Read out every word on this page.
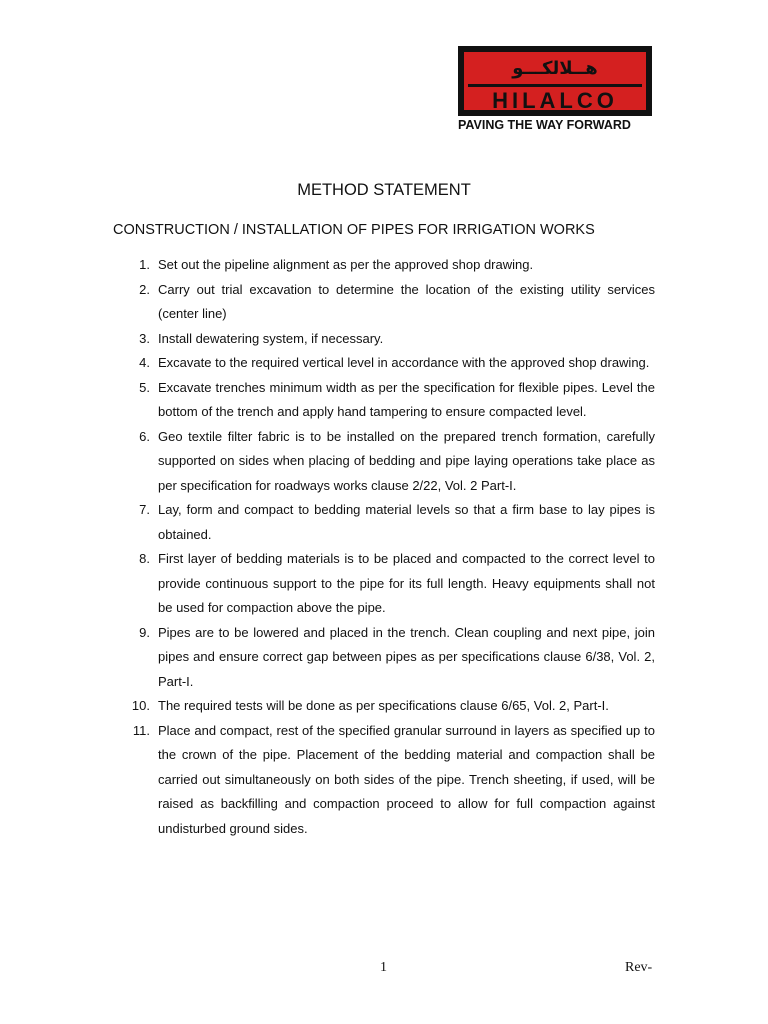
هــلالكـــو
HILALCO
PAVING THE WAY FORWARD
METHOD STATEMENT
CONSTRUCTION / INSTALLATION OF PIPES FOR IRRIGATION WORKS
1. Set out the pipeline alignment as per the approved shop drawing.
2. Carry out trial excavation to determine the location of the existing utility services (center line)
3. Install dewatering system, if necessary.
4. Excavate to the required vertical level in accordance with the approved shop drawing.
5. Excavate trenches minimum width as per the specification for flexible pipes. Level the bottom of the trench and apply hand tampering to ensure compacted level.
6. Geo textile filter fabric is to be installed on the prepared trench formation, carefully supported on sides when placing of bedding and pipe laying operations take place as per specification for roadways works clause 2/22, Vol. 2 Part-I.
7. Lay, form and compact to bedding material levels so that a firm base to lay pipes is obtained.
8. First layer of bedding materials is to be placed and compacted to the correct level to provide continuous support to the pipe for its full length. Heavy equipments shall not be used for compaction above the pipe.
9. Pipes are to be lowered and placed in the trench. Clean coupling and next pipe, join pipes and ensure correct gap between pipes as per specifications clause 6/38, Vol. 2, Part-I.
10. The required tests will be done as per specifications clause 6/65, Vol. 2, Part-I.
11. Place and compact, rest of the specified granular surround in layers as specified up to the crown of the pipe. Placement of the bedding material and compaction shall be carried out simultaneously on both sides of the pipe. Trench sheeting, if used, will be raised as backfilling and compaction proceed to allow for full compaction against undisturbed ground sides.
1	Rev-
